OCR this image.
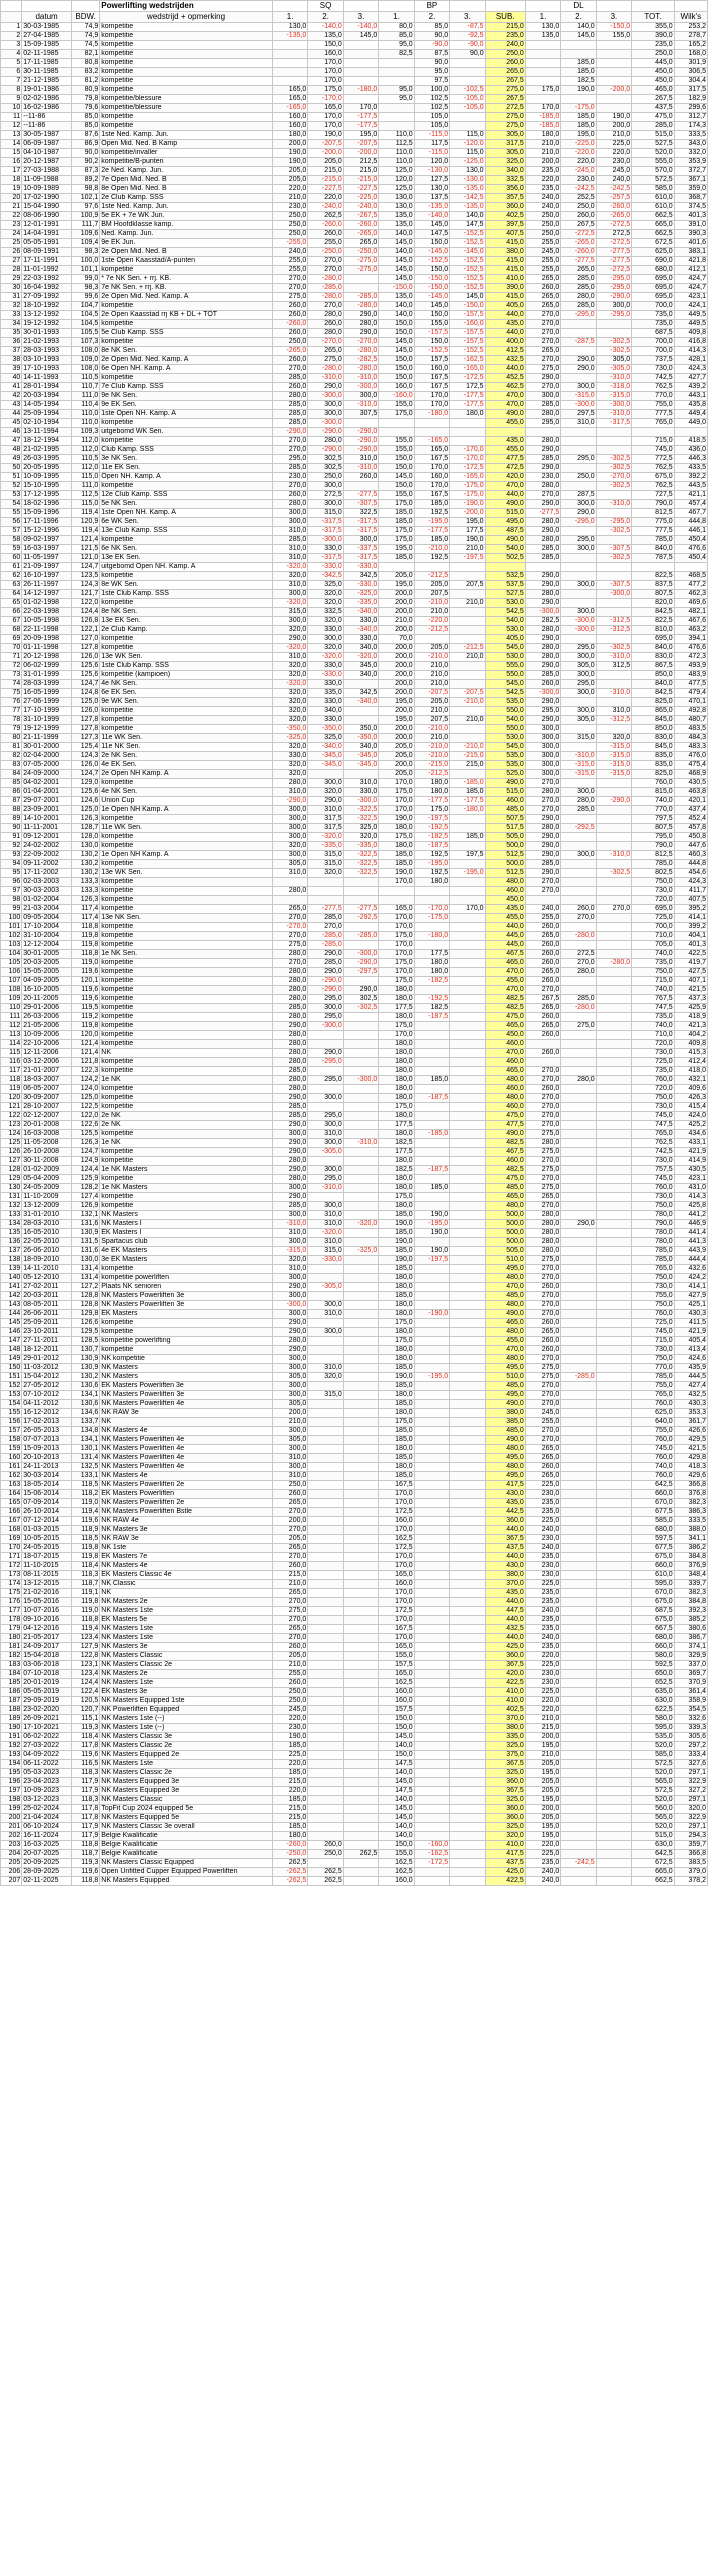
			Powerlifting wedstrijden		SQ			BP				DL			
	datum	BDW.	wedstrijd + opmerking	1.	2.	3.	1.	2.	3.	SUB.	1.	2.	3.	TOT.	Wilk's
1	30-03-1985	74,9	kompetitie	130,0	-140,0	-140,0	80,0	85,0	-87,5	215,0	130,0	140,0	-150,0	355,0	253,2
2	27-04-1985	74,9	kompetitie	-135,0	135,0	145,0	85,0	90,0	-92,5	235,0	135,0	145,0	155,0	390,0	278,7
3	15-09-1985	74,5	kompetitie		150,0		95,0	-90,0	-90,0	240,0				235,0	165,2
4	02-11-1985	82,1	kompetitie		160,0		82,5	87,5	90,0	250,0				250,0	168,0
5	17-11-1985	80,8	kompetitie		170,0			90,0		260,0		185,0		445,0	301,9
6	30-11-1985	83,2	kompetitie		170,0			95,0		265,0		185,0		450,0	306,5
7	21-12-1985	81,2	kompetitie		170,0			97,5		267,5		182,5		450,0	304,4
8	19-01-1986	80,9	kompetitie	165,0	175,0	-180,0	95,0	100,0	-102,5	275,0	175,0	190,0	-200,0	465,0	317,5
9	02-02-1986	79,8	kompetitie/blessure	165,0	-170,0		95,0	102,5	-105,0	267,5				267,5	182,9
10	16-02-1986	79,6	kompetitie/blessure	-165,0	165,0	170,0		102,5	-105,0	272,5	170,0	-175,0		437,5	299,6
11	--11-86	85,0	kompetitie	160,0	170,0	-177,5		105,0		275,0	-185,0	185,0	190,0	475,0	312,7
12	--11-86	85,0	kompetitie	160,0	170,0	-177,5		105,0		275,0	-185,0	185,0	200,0	285,0	174,3
13	30-05-1987	87,6	1ste Ned. Kamp. Jun.	180,0	190,0	195,0	110,0	-115,0	115,0	305,0	180,0	195,0	210,0	515,0	333,5
14	06-09-1987	86,9	Open Mid. Ned. B Kamp	200,0	-207,5	-207,5	112,5	117,5	-120,0	317,5	210,0	-225,0	225,0	527,5	343,0
15	04-10-1987	90,0	kompetitie/invaller	190,0	-200,0	-200,0	110,0	-115,0	115,0	305,0	210,0	-220,0	220,0	520,0	332,0
16	20-12-1987	90,2	kompetitie/B-punten	190,0	205,0	212,5	110,0	120,0	-125,0	325,0	200,0	220,0	230,0	555,0	353,9
17	27-03-1988	87,3	2e Ned. Kamp. Jun.	205,0	215,0	215,0	125,0	-130,0	130,0	340,0	235,0	-245,0	245,0	570,0	372,7
18	11-09-1988	89,2	7e Open Mid. Ned. B	205,0	-215,0	-215,0	120,0	127,5	-130,0	332,5	220,0	230,0	240,0	572,5	367,1
19	10-09-1989	98,8	8e Open Mid. Ned. B	220,0	-227,5	-227,5	125,0	130,0	-135,0	356,0	235,0	-242,5	-242,5	585,0	359,0
20	17-02-1990	102,1	2e Club Kamp. SSS	210,0	220,0	-225,0	130,0	137,5	-142,5	357,5	240,0	252,5	-257,5	610,0	368,7
21	15-04-1990	97,6	1ste Ned. Kamp. Jun.	230,0	-240,0	-240,0	130,0	-135,0	-135,0	360,0	240,0	250,0	-260,0	610,0	374,5
22	08-06-1990	100,9	5e EK + 7e WK Jun.	250,0	262,5	-267,5	135,0	-140,0	140,0	402,5	250,0	260,0	-265,0	662,5	401,3
23	12-01-1991	111,7	BM Hoofdklasse kamp.	250,0	-260,0	-260,0	135,0	145,0	147,5	397,5	250,0	267,5	-272,5	665,0	391,0
24	14-04-1991	109,6	Ned. Kamp. Jun.	250,0	260,0	-265,0	140,0	147,5	-152,5	407,5	250,0	-272,5	272,5	662,5	390,3
25	05-05-1991	109,4	9e EK Jun.	-255,0	255,0	265,0	145,0	150,0	-152,5	415,0	255,0	-265,0	-272,5	672,5	401,6
26	08-09-1991	98,3	2e Open Mid. Ned. B	240,0	-250,0	-250,0	140,0	-145,0	-145,0	380,0	245,0	-260,0	-277,5	625,0	383,1
27	17-11-1991	100,0	1ste Open Kaasstad/A-punten	255,0	270,0	-275,0	145,0	-152,5	-152,5	415,0	255,0	-277,5	-277,5	690,0	421,8
28	11-01-1992	101,1	kompetitie	255,0	270,0	-275,0	145,0	150,0	-152,5	415,0	255,0	265,0	-272,5	680,0	412,1
29	22-03-1992	99,0	* 7e NK Sen. + rrj. KB.	270,0	-280,0		145,0	-150,0	-152,5	410,0	265,0	285,0	-295,0	695,0	424,7
30	16-04-1992	98,3	7e NK Sen. + rrj. KB.	270,0	-285,0		-150,0	-150,0	-152,5	390,0	260,0	285,0	-295,0	695,0	424,7
31	27-09-1992	99,6	2e Open Mid. Ned. Kamp. A	275,0	-280,0	-285,0	135,0	-145,0	145,0	415,0	265,0	280,0	-290,0	695,0	423,1
32	18-10-1992	104,7	kompetitie	260,0	270,0	-280,0	140,0	145,0	-150,0	405,0	265,0	285,0	300,0	700,0	424,1
33	13-12-1992	104,5	2e Open Kaasstad rrj KB + DL + TOT	260,0	280,0	290,0	140,0	150,0	-157,5	440,0	270,0	-295,0	-295,0	735,0	449,5
34	19-12-1992	104,5	kompetitie	-260,0	260,0	280,0	150,0	155,0	-160,0	435,0	270,0			735,0	449,5
35	30-01-1993	105,5	5e Club Kamp. SSS	260,0	280,0	290,0	150,0	-157,5	-157,5	440,0	270,0			687,5	409,8
36	21-02-1993	107,3	kompetitie	250,0	-270,0	-270,0	145,0	150,0	-157,5	400,0	270,0	-287,5	-302,5	700,0	416,8
37	28-03-1993	108,0	8e NK Sen.	-265,0	265,0	-280,0	145,0	-152,5	-152,5	412,5	265,0		-302,5	700,0	414,3
38	03-10-1993	109,0	2e Open Mid. Ned. Kamp. A	260,0	275,0	-282,5	150,0	157,5	-162,5	432,5	270,0	290,0	305,0	737,5	428,1
39	17-10-1993	108,0	6e Open NH. Kamp. A	270,0	-280,0	-280,0	150,0	160,0	-165,0	440,0	275,0	290,0	-305,0	730,0	424,3
40	14-11-1993	110,5	kompetitie	285,0	-310,0	-310,0	150,0	167,5	-172,5	452,5	290,0		-310,0	742,5	427,7
41	28-01-1994	110,7	7e Club Kamp. SSS	260,0	290,0	-300,0	160,0	167,5	172,5	462,5	270,0	300,0	-318,0	762,5	439,2
42	20-03-1994	111,0	9e NK Sen.	280,0	-300,0	300,0	-160,0	170,0	-177,5	470,0	300,0	-315,0	-315,0	770,0	443,1
43	14-05-1994	110,4	9e EK Sen.	285,0	300,0	-310,0	155,0	170,0	-177,5	470,0	285,0	-300,0	-300,0	755,0	435,8
44	25-09-1994	110,0	1ste Open NH. Kamp. A	285,0	300,0	307,5	175,0	-180,0	180,0	490,0	280,0	297,5	-310,0	777,5	449,4
45	02-10-1994	110,0	kompetitie	285,0	-300,0					455,0	295,0	310,0	-317,5	765,0	449,0
46	13-11-1994	109,3	uitgebomd WK Sen.	-290,0	-290,0	-290,0									
47	18-12-1994	112,0	kompetitie	270,0	280,0	-290,0	155,0	-165,0		435,0	280,0			715,0	418,5
48	21-02-1995	112,0	Club Kamp. SSS	270,0	-290,0	-290,0	155,0	165,0	-170,0	455,0	290,0			745,0	436,0
49	26-03-1995	110,5	3e NK Sen.	295,0	302,5	310,0	150,0	167,5	-170,0	477,5	285,0	295,0	-302,5	772,5	446,3
50	20-05-1995	112,0	11e EK Sen.	285,0	302,5	-310,0	150,0	170,0	-172,5	472,5	290,0		-302,5	762,5	433,5
51	10-09-1995	115,0	Open NH. Kamp. A	230,0	250,0	260,0	145,0	160,0	-165,0	420,0	230,0	250,0	-270,0	675,0	392,2
52	15-10-1995	111,0	kompetitie	270,0	300,0		150,0	170,0	-175,0	470,0	280,0		-302,5	762,5	443,5
53	17-12-1995	112,5	12e Club Kamp. SSS	260,0	272,5	-277,5	155,0	167,5	-175,0	440,0	270,0	287,5		727,5	421,1
54	18-02-1996	115,0	5e NK Sen.	280,0	300,0	-307,5	175,0	185,0	-190,0	490,0	290,0	300,0	-310,0	790,0	457,4
55	15-09-1996	119,4	1ste Open NH. Kamp. A	300,0	315,0	322,5	185,0	192,5	-200,0	515,0	-277,5	290,0		812,5	467,7
56	17-11-1996	120,9	6e WK Sen.	300,0	-317,5	-317,5	185,0	-195,0	195,0	495,0	280,0	-295,0	-295,0	775,0	444,8
57	15-12-1996	119,4	13e Club Kamp. SSS	310,0	-317,5	-317,5	175,0	-177,5	177,5	487,5	290,0		-302,5	777,5	446,1
58	09-02-1997	121,4	kompetitie	285,0	-300,0	300,0	175,0	185,0	190,0	490,0	280,0	295,0		785,0	450,4
59	16-03-1997	121,5	6e NK Sen.	310,0	330,0	-337,5	195,0	-210,0	210,0	540,0	285,0	300,0	-307,5	840,0	476,6
60	11-05-1997	121,0	13e EK Sen.	310,0	-317,5	-317,5	185,0	192,5	-197,5	502,5	285,0		-302,5	787,5	450,4
61	21-09-1997	124,7	uitgebomd Open NH. Kamp. A	-320,0	-330,0	-330,0									
62	16-10-1997	123,5	kompetitie	320,0	-342,5	342,5	205,0	-212,5		532,5	290,0			822,5	468,5
63	26-11-1997	124,3	8e WK Sen.	310,0	325,0	-330,0	195,0	205,0	207,5	537,5	290,0	300,0	-307,5	837,5	477,2
64	14-12-1997	121,7	1ste Club Kamp. SSS	300,0	320,0	-325,0	200,0	207,5		527,5	280,0		-300,0	807,5	462,3
65	01-02-1998	122,0	kompetitie	-320,0	320,0	-335,0	200,0	-210,0	210,0	530,0	290,0			820,0	469,6
66	22-03-1998	124,4	8e NK Sen.	315,0	332,5	-340,0	200,0	210,0		542,5	-300,0	300,0		842,5	482,1
67	10-05-1998	126,8	13e EK Sen.	300,0	320,0	330,0	210,0	-220,0		540,0	282,5	-300,0	-312,5	822,5	467,6
68	22-11-1998	122,1	2e Club Kamp.	320,0	330,0	-340,0	200,0	-212,5		530,0	280,0	-300,0	-312,5	810,0	463,2
69	20-09-1998	127,0	kompetitie	290,0	300,0	330,0	70,0			405,0	290,0			695,0	394,1
70	01-11-1998	127,8	kompetitie	-320,0	320,0	340,0	200,0	205,0	-212,5	545,0	280,0	295,0	-302,5	840,0	476,6
71	20-12-1998	126,0	13e WK Sen.	310,0	-320,0	-320,0	200,0	-210,0	210,0	530,0	280,0	300,0	-310,0	830,0	472,3
72	06-02-1999	125,6	1ste Club Kamp. SSS	320,0	330,0	345,0	200,0	210,0		555,0	290,0	305,0	312,5	867,5	493,9
73	31-01-1999	125,6	kompetitie (kampioen)	320,0	-330,0	340,0	200,0	210,0		550,0	285,0	300,0		850,0	483,9
74	28-03-1999	124,7	4e NK Sen.	-320,0	330,0		200,0	210,0		545,0	260,0	295,0		840,0	477,5
75	16-05-1999	124,8	6e EK Sen.	320,0	335,0	342,5	200,0	-207,5	-207,5	542,5	-300,0	300,0	-310,0	842,5	479,4
76	27-06-1999	125,0	9e WK Sen.	320,0	330,0	-340,0	195,0	205,0	-210,0	535,0	290,0			825,0	470,1
77	17-10-1999	126,0	kompetitie	320,0	340,0		200,0	210,0		550,0	295,0	300,0	310,0	865,0	492,8
78	31-10-1999	127,8	kompetitie	320,0	330,0		195,0	207,5	210,0	540,0	290,0	305,0	-312,5	845,0	480,7
79	19-12-1999	127,8	kompetitie	-350,0	-350,0	350,0	200,0	-210,0		550,0	300,0			850,0	483,5
80	21-11-1999	127,3	11e WK Sen.	-325,0	325,0	-350,0	200,0	210,0		530,0	300,0	315,0	320,0	830,0	484,3
81	30-01-2000	125,4	11e NK Sen.	320,0	-340,0	340,0	205,0	-210,0	-210,0	545,0	300,0		-315,0	845,0	483,3
82	02-04-2000	124,3	2e NK Sen.	330,0	-345,0	-345,0	205,0	-210,0	-215,0	535,0	300,0	-310,0	-315,0	835,0	476,0
83	07-05-2000	126,0	4e EK Sen.	320,0	-345,0	-345,0	200,0	-215,0	215,0	535,0	300,0	-315,0	-315,0	835,0	475,4
84	24-09-2000	124,7	2e Open NH Kamp. A	320,0			205,0	-212,5		525,0	300,0	-315,0	-315,0	825,0	468,9
85	04-02-2001	129,0	kompetitie	280,0	300,0	310,0	170,0	180,0	-185,0	490,0	270,0			760,0	430,5
86	01-04-2001	125,6	4e NK Sen.	310,0	320,0	330,0	175,0	180,0	185,0	515,0	280,0	300,0		815,0	463,8
87	29-07-2001	124,6	Union Cup	-290,0	290,0	-300,0	170,0	-177,5	-177,5	460,0	270,0	280,0	-290,0	740,0	420,1
88	23-09-2001	125,0	1e Open NH Kamp. A	300,0	310,0	-322,5	170,0	175,0	-180,0	485,0	270,0	285,0		770,0	437,4
89	14-10-2001	126,3	kompetitie	300,0	317,5	-322,5	190,0	-197,5		507,5	290,0			797,5	452,4
90	11-11-2001	128,7	11e WK Sen.	300,0	317,5	325,0	180,0	-192,5		517,5	280,0	-292,5		807,5	457,8
91	09-12-2001	128,0	kompetitie	300,0	-320,0	320,0	175,0	-182,5	185,0	505,0	290,0			795,0	450,8
92	24-02-2002	130,0	kompetitie	320,0	-335,0	-335,0	180,0	-187,5		500,0	290,0			790,0	447,6
93	22-09-2002	130,2	1e Open NH Kamp. A	300,0	315,0	-322,5	185,0	192,5	197,5	512,5	290,0	300,0	-310,0	812,5	460,3
94	09-11-2002	130,2	kompetitie	305,0	315,0	-322,5	185,0	-195,0		500,0	285,0			785,0	444,8
95	17-11-2002	130,2	13e WK Sen.	310,0	320,0	-322,5	190,0	192,5	-195,0	512,5	290,0		-302,5	802,5	454,6
96	02-03-2003	133,3	kompetitie				170,0	180,0		480,0	270,0			750,0	424,3
97	30-03-2003	133,3	kompetitie	280,0						460,0	270,0			730,0	411,7
98	01-02-2004	126,3	kompetitie							450,0				720,0	407,5
99	21-03-2004	117,4	kompetitie	265,0	-277,5	-277,5	165,0	-170,0	170,0	435,0	240,0	260,0	270,0	695,0	395,2
100	09-05-2004	117,4	13e NK Sen.	270,0	285,0	-292,5	170,0	-175,0		455,0	255,0	270,0		725,0	414,1
101	17-10-2004	118,8	kompetitie	-270,0	270,0		170,0			440,0	260,0			700,0	399,2
102	31-10-2004	119,8	kompetitie	270,0	-285,0	-285,0	175,0	-180,0		445,0	265,0	-280,0		710,0	404,1
103	12-12-2004	119,8	kompetitie	275,0	-285,0		170,0			445,0	260,0			705,0	401,3
104	30-01-2005	118,8	1e NK Sen.	280,0	290,0	-300,0	170,0	177,5		467,5	260,0	272,5		740,0	422,5
105	20-03-2005	119,0	kompetitie	270,0	285,0	-290,0	175,0	180,0		465,0	260,0	270,0	-280,0	735,0	419,7
106	15-05-2005	119,6	kompetitie	280,0	290,0	-297,5	170,0	180,0		470,0	265,0	280,0		750,0	427,5
107	04-09-2005	120,1	kompetitie	280,0	-290,0		175,0	-182,5		455,0	260,0			715,0	407,1
108	16-10-2005	119,6	kompetitie	280,0	-290,0	290,0	180,0			470,0	270,0			740,0	421,5
109	20-11-2005	119,6	kompetitie	280,0	295,0	302,5	180,0	-192,5		482,5	267,5	285,0		767,5	437,3
110	29-01-2006	119,5	kompetitie	285,0	300,0	-302,5	177,5	182,5		482,5	265,0	-280,0		747,5	425,9
111	26-03-2006	119,2	kompetitie	280,0	295,0		180,0	-187,5		475,0	260,0			735,0	418,9
112	21-05-2006	119,8	kompetitie	290,0	-300,0		175,0			465,0	265,0	275,0		740,0	421,3
113	10-09-2006	120,0	kompetitie	280,0			170,0			450,0	260,0			710,0	404,2
114	22-10-2006	121,4	kompetitie	280,0			180,0			460,0				720,0	409,8
115	12-11-2006	121,4	NK	280,0	290,0		180,0			470,0	260,0			730,0	415,3
116	03-12-2006	121,8	kompetitie	280,0	-295,0		180,0			460,0				725,0	412,4
117	21-01-2007	122,3	kompetitie	285,0			180,0			465,0	270,0			735,0	418,0
118	18-03-2007	124,2	1e NK	280,0	295,0	-300,0	180,0	185,0		480,0	270,0	280,0		760,0	432,1
119	06-05-2007	124,0	kompetitie	280,0			180,0			460,0	260,0			720,0	409,6
120	30-09-2007	125,0	kompetitie	290,0	300,0		180,0	-187,5		480,0	270,0			750,0	426,3
121	28-10-2007	122,5	kompetitie	285,0			175,0			460,0	270,0			730,0	415,4
122	02-12-2007	122,0	2e NK	285,0	295,0		180,0			475,0	270,0			745,0	424,0
123	20-01-2008	122,6	2e NK	290,0	300,0		177,5			477,5	270,0			747,5	425,2
124	16-03-2008	125,5	kompetitie	300,0	310,0		180,0	-185,0		490,0	275,0			765,0	434,6
125	11-05-2008	126,3	1e NK	290,0	300,0	-310,0	182,5			482,5	280,0			762,5	433,1
126	26-10-2008	124,7	kompetitie	290,0	-305,0		177,5			467,5	275,0			742,5	421,9
127	30-11-2008	124,9	kompetitie	280,0			180,0			460,0	270,0			730,0	414,9
128	01-02-2009	124,4	1e NK Masters	290,0	300,0		182,5	-187,5		482,5	275,0			757,5	430,5
129	05-04-2009	125,9	kompetitie	280,0	295,0		180,0			475,0	270,0			745,0	423,1
130	24-05-2009	128,2	1e NK Masters	300,0	-310,0		180,0	185,0		485,0	275,0			760,0	431,0
131	11-10-2009	127,4	kompetitie	290,0			175,0			465,0	265,0			730,0	414,3
132	13-12-2009	126,9	kompetitie	285,0	300,0		180,0			480,0	270,0			750,0	425,8
133	31-01-2010	132,1	NK Masters	300,0	310,0		185,0	190,0		500,0	280,0			780,0	441,2
134	28-03-2010	131,6	NK Masters I	-310,0	310,0	-320,0	190,0	-195,0		500,0	280,0	290,0		790,0	446,9
135	16-05-2010	130,9	EK Masters I	310,0	-320,0		185,0	190,0		500,0	280,0			780,0	441,4
136	22-05-2010	131,5	Spartacus club	300,0	310,0		190,0			500,0	280,0			780,0	441,3
137	26-06-2010	131,6	4e EK Masters	-315,0	315,0	-325,0	185,0	190,0		505,0	280,0			785,0	443,9
138	18-09-2010	130,0	3e EK Masters	320,0	-330,0		190,0	-197,5		510,0	275,0			785,0	444,4
139	14-11-2010	131,4	kompetitie	310,0			185,0			495,0	270,0			765,0	432,6
140	05-12-2010	131,4	kompetitie powerliften	300,0			180,0			480,0	270,0			750,0	424,2
141	27-02-2011	127,2	Plaats NK senioren	290,0	-305,0		180,0			470,0	260,0			730,0	414,1
142	20-03-2011	128,8	NK Masters Powerliften 3e	300,0			185,0			485,0	270,0			755,0	427,9
143	08-05-2011	128,8	NK Masters Powerliften 3e	-300,0	300,0		180,0			480,0	270,0			750,0	425,1
144	26-06-2011	129,8	EK Masters	300,0	310,0		180,0	-190,0		490,0	270,0			760,0	430,3
145	25-09-2011	126,6	kompetitie	290,0			175,0			465,0	260,0			725,0	411,5
146	23-10-2011	129,5	kompetitie	290,0	300,0		180,0			480,0	265,0			745,0	421,9
147	27-11-2011	128,5	kompetitie powerlifting	280,0			175,0			455,0	260,0			715,0	405,4
148	18-12-2011	130,7	kompetitie	290,0			180,0			470,0	260,0			730,0	413,4
149	29-01-2012	130,9	NK kompetitie	300,0			180,0			480,0	270,0			750,0	424,6
150	11-03-2012	130,9	NK Masters	300,0	310,0		185,0			495,0	275,0			770,0	435,9
151	15-04-2012	130,2	NK Masters	305,0	320,0		190,0	-195,0		510,0	275,0	-285,0		785,0	444,5
152	27-05-2012	130,6	EK Masters Powerliften 3e	300,0			185,0			485,0	270,0			755,0	427,4
153	07-10-2012	134,1	NK Masters Powerliften 3e	300,0	315,0		180,0			495,0	270,0			765,0	432,5
154	04-11-2012	130,6	NK Masters Powerliften 4e	305,0			185,0			490,0	270,0			760,0	430,3
155	16-12-2012	134,6	NK RAW 3e	200,0			180,0			380,0	245,0			625,0	353,3
156	17-02-2013	133,7	NK	210,0			175,0			385,0	255,0			640,0	361,7
157	26-05-2013	134,8	NK Masters 4e	300,0			185,0			485,0	270,0			755,0	426,6
158	07-07-2013	134,1	NK Masters Powerliften 4e	305,0			185,0			490,0	270,0			760,0	429,5
159	15-09-2013	130,1	NK Masters Powerliften 4e	300,0			180,0			480,0	265,0			745,0	421,5
160	20-10-2013	131,4	NK Masters Powerliften 4e	310,0			185,0			495,0	265,0			760,0	429,8
161	24-11-2013	132,5	NK Masters Powerliften 4e	300,0			180,0			480,0	260,0			740,0	418,3
162	30-03-2014	133,1	NK Masters 4e	310,0			185,0			495,0	265,0			760,0	429,6
163	18-05-2014	118,5	NK Masters Powerliften 2e	250,0			167,5			417,5	225,0			642,5	366,8
164	15-06-2014	118,2	EK Masters Powerliften	260,0			170,0			430,0	230,0			660,0	376,8
165	07-09-2014	119,0	NK Masters Powerliften 2e	265,0			170,0			435,0	235,0			670,0	382,3
166	26-10-2014	119,4	NK Masters Powerliften Bstle	270,0			172,5			442,5	235,0			677,5	386,3
167	07-12-2014	119,6	NK RAW 4e	200,0			160,0			360,0	225,0			585,0	333,5
168	01-03-2015	118,9	NK Masters 3e	270,0			170,0			440,0	240,0			680,0	388,0
169	10-05-2015	118,5	NK RAW 3e	205,0			162,5			367,5	230,0			597,5	341,1
170	24-05-2015	119,8	NK 1ste	265,0			172,5			437,5	240,0			677,5	386,2
171	18-07-2015	119,8	EK Masters 7e	270,0			170,0			440,0	235,0			675,0	384,8
172	11-10-2015	118,4	NK Masters 4e	260,0			170,0			430,0	230,0			660,0	376,9
173	08-11-2015	118,3	EK Masters Classic 4e	215,0			165,0			380,0	230,0			610,0	348,4
174	13-12-2015	118,7	NK Classic	210,0			160,0			370,0	225,0			595,0	339,7
175	21-02-2016	119,1	NK	265,0			170,0			435,0	235,0			670,0	382,3
176	15-05-2016	119,8	NK Masters 2e	270,0			170,0			440,0	235,0			675,0	384,8
177	10-07-2016	119,0	NK Masters 1ste	275,0			172,5			447,5	240,0			687,5	392,3
178	09-10-2016	118,8	EK Masters 5e	270,0			170,0			440,0	235,0			675,0	385,2
179	04-12-2016	119,4	NK Masters 1ste	265,0			167,5			432,5	235,0			667,5	380,6
180	21-05-2017	123,4	NK Masters 1ste	270,0			170,0			440,0	240,0			680,0	386,7
181	24-09-2017	127,9	NK Masters 3e	260,0			165,0			425,0	235,0			660,0	374,1
182	15-04-2018	122,8	NK Masters Classic	205,0			155,0			360,0	220,0			580,0	329,9
183	03-06-2018	123,1	NK Masters Classic 2e	210,0			157,5			367,5	225,0			592,5	337,0
184	07-10-2018	123,4	NK Masters 2e	255,0			165,0			420,0	230,0			650,0	369,7
185	20-01-2019	124,4	NK Masters 1ste	260,0			162,5			422,5	230,0			652,5	370,9
186	05-05-2019	122,4	EK Masters 3e	250,0			160,0			410,0	225,0			635,0	361,4
187	29-09-2019	120,5	NK Masters Equipped 1ste	250,0			160,0			410,0	220,0			630,0	358,9
188	23-02-2020	120,7	NK Powerliften Equipped	245,0			157,5			402,5	220,0			622,5	354,5
189	26-09-2021	115,1	NK Masters 1ste (--)	220,0			150,0			370,0	210,0			580,0	332,6
190	17-10-2021	119,3	NK Masters 1ste (--)	230,0			150,0			380,0	215,0			595,0	339,3
191	06-02-2022	118,4	NK Masters Classic 3e	190,0			145,0			335,0	200,0			535,0	305,6
192	27-03-2022	117,8	NK Masters Classic 2e	185,0			140,0			325,0	195,0			520,0	297,2
193	04-09-2022	119,6	NK Masters Equipped 2e	225,0			150,0			375,0	210,0			585,0	333,4
194	06-11-2022	116,5	NK Masters 1ste	220,0			147,5			367,5	205,0			572,5	327,6
195	05-03-2023	118,3	NK Masters Classic 2e	185,0			140,0			325,0	195,0			520,0	297,1
196	23-04-2023	117,9	NK Masters Equipped 3e	215,0			145,0			360,0	205,0			565,0	322,9
197	10-09-2023	117,9	NK Masters Equipped 3e	220,0			147,5			367,5	205,0			572,5	327,2
198	03-12-2023	118,3	NK Masters Classic	185,0			140,0			325,0	195,0			520,0	297,1
199	25-02-2024	117,8	TopFit Cup 2024 equipped 5e	215,0			145,0			360,0	200,0			560,0	320,0
200	21-04-2024	117,8	NK Masters Equipped 5e	215,0			145,0			360,0	205,0			565,0	322,9
201	06-10-2024	117,9	NK Masters Classic 3e overall	185,0			140,0			325,0	195,0			520,0	297,1
202	16-11-2024	117,9	Belgie Kwalificatie	180,0			140,0			320,0	195,0			515,0	294,3
203	16-03-2025	118,8	Belgie Kwalificatie	-260,0	260,0		150,0	-160,0		410,0	220,0			630,0	359,7
204	20-07-2025	118,7	Belgie Kwalificatie	-250,0	250,0	262,5	155,0	-162,5		417,5	225,0			642,5	366,8
205	20-09-2025	119,3	NK Masters Classic Equipped	262,5			162,5	-172,5		437,5	235,0	-242,5		672,5	383,5
206	28-09-2025	119,6	Open Unfitted Cupper Equipped Powerliften	-262,5	262,5		162,5			425,0	240,0			665,0	379,0
207	02-11-2025	118,8	NK Masters Equipped	-262,5	262,5		160,0			422,5	240,0			662,5	378,2
